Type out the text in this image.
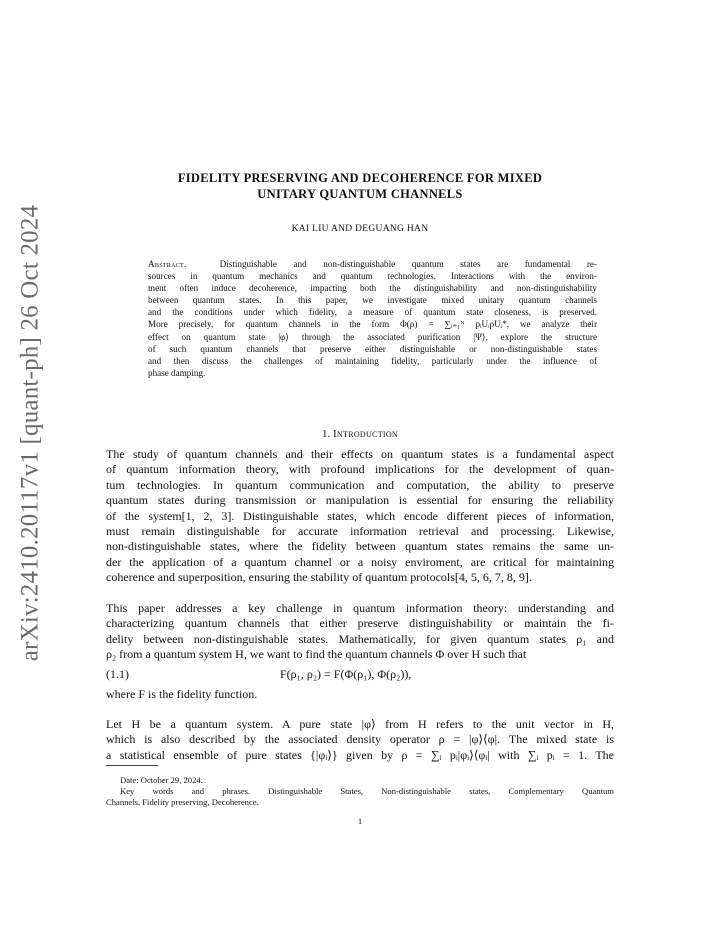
arXiv:2410.20117v1 [quant-ph] 26 Oct 2024
FIDELITY PRESERVING AND DECOHERENCE FOR MIXED
UNITARY QUANTUM CHANNELS
KAI LIU AND DEGUANG HAN
Abstract.	Distinguishable and non-distinguishable quantum states are fundamental re-
sources in quantum mechanics and quantum technologies. Interactions with the environ-
ment often induce decoherence, impacting both the distinguishability and non-distinguishability
between quantum states. In this paper, we investigate mixed unitary quantum channels
and the conditions under which fidelity, a measure of quantum state closeness, is preserved.
More precisely, for quantum channels in the form Φ(ρ) = ∑ᵢ₌₁ᴺ pᵢUᵢρUᵢ*, we analyze their
effect on quantum state |φ⟩ through the associated purification |Ψ⟩, explore the structure
of such quantum channels that preserve either distinguishable or non-distinguishable states
and then discuss the challenges of maintaining fidelity, particularly under the influence of
phase damping.
1. Introduction
The study of quantum channels and their effects on quantum states is a fundamental aspect
of quantum information theory, with profound implications for the development of quan-
tum technologies. In quantum communication and computation, the ability to preserve
quantum states during transmission or manipulation is essential for ensuring the reliability
of the system[1, 2, 3]. Distinguishable states, which encode different pieces of information,
must remain distinguishable for accurate information retrieval and processing. Likewise,
non-distinguishable states, where the fidelity between quantum states remains the same un-
der the application of a quantum channel or a noisy enviroment, are critical for maintaining
coherence and superposition, ensuring the stability of quantum protocols[4, 5, 6, 7, 8, 9].
This paper addresses a key challenge in quantum information theory: understanding and
characterizing quantum channels that either preserve distinguishability or maintain the fi-
delity between non-distinguishable states. Mathematically, for given quantum states ρ₁ and
ρ₂ from a quantum system H, we want to find the quantum channels Φ over H such that
(1.1)	F(ρ₁, ρ₂) = F(Φ(ρ₁), Φ(ρ₂)),
where F is the fidelity function.
Let H be a quantum system. A pure state |φ⟩ from H refers to the unit vector in H,
which is also described by the associated density operator ρ = |φ⟩⟨φ|. The mixed state is
a statistical ensemble of pure states {|φᵢ⟩} given by ρ = ∑ᵢ pᵢ|φᵢ⟩⟨φᵢ| with ∑ᵢ pᵢ = 1. The
Date: October 29, 2024.
Key words and phrases. Distinguishable States, Non-distinguishable states, Complementary Quantum
Channels, Fidelity preserving, Decoherence.
1
